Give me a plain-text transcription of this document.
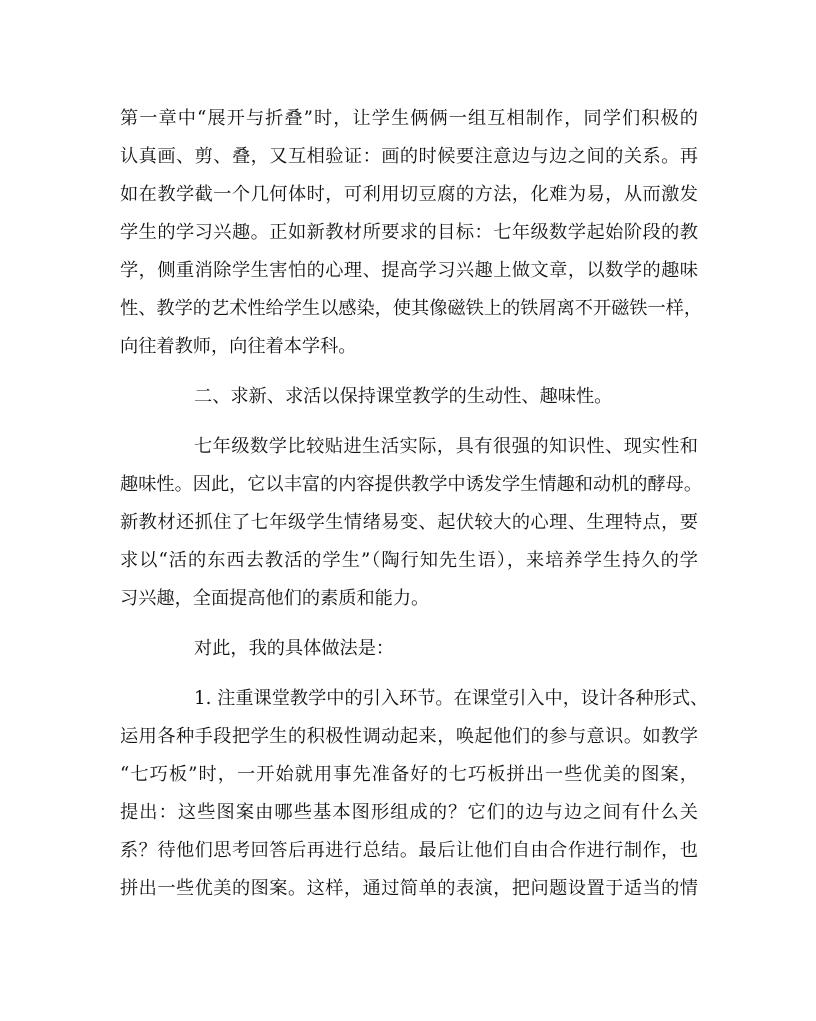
第一章中“展开与折叠”时，让学生俩俩一组互相制作，同学们积极的
认真画、剪、叠，又互相验证：画的时候要注意边与边之间的关系。再
如在教学截一个几何体时，可利用切豆腐的方法，化难为易，从而激发
学生的学习兴趣。正如新教材所要求的目标：七年级数学起始阶段的教
学，侧重消除学生害怕的心理、提高学习兴趣上做文章，以数学的趣味
性、教学的艺术性给学生以感染，使其像磁铁上的铁屑离不开磁铁一样，
向往着教师，向往着本学科。
二、求新、求活以保持课堂教学的生动性、趣味性。
七年级数学比较贴进生活实际，具有很强的知识性、现实性和
趣味性。因此，它以丰富的内容提供教学中诱发学生情趣和动机的酵母。
新教材还抓住了七年级学生情绪易变、起伏较大的心理、生理特点，要
求以“活的东西去教活的学生”（陶行知先生语），来培养学生持久的学
习兴趣，全面提高他们的素质和能力。
对此，我的具体做法是：
1. 注重课堂教学中的引入环节。在课堂引入中，设计各种形式、
运用各种手段把学生的积极性调动起来，唤起他们的参与意识。如教学
“七巧板”时，一开始就用事先准备好的七巧板拼出一些优美的图案，
提出：这些图案由哪些基本图形组成的？它们的边与边之间有什么关
系？待他们思考回答后再进行总结。最后让他们自由合作进行制作，也
拼出一些优美的图案。这样，通过简单的表演，把问题设置于适当的情
